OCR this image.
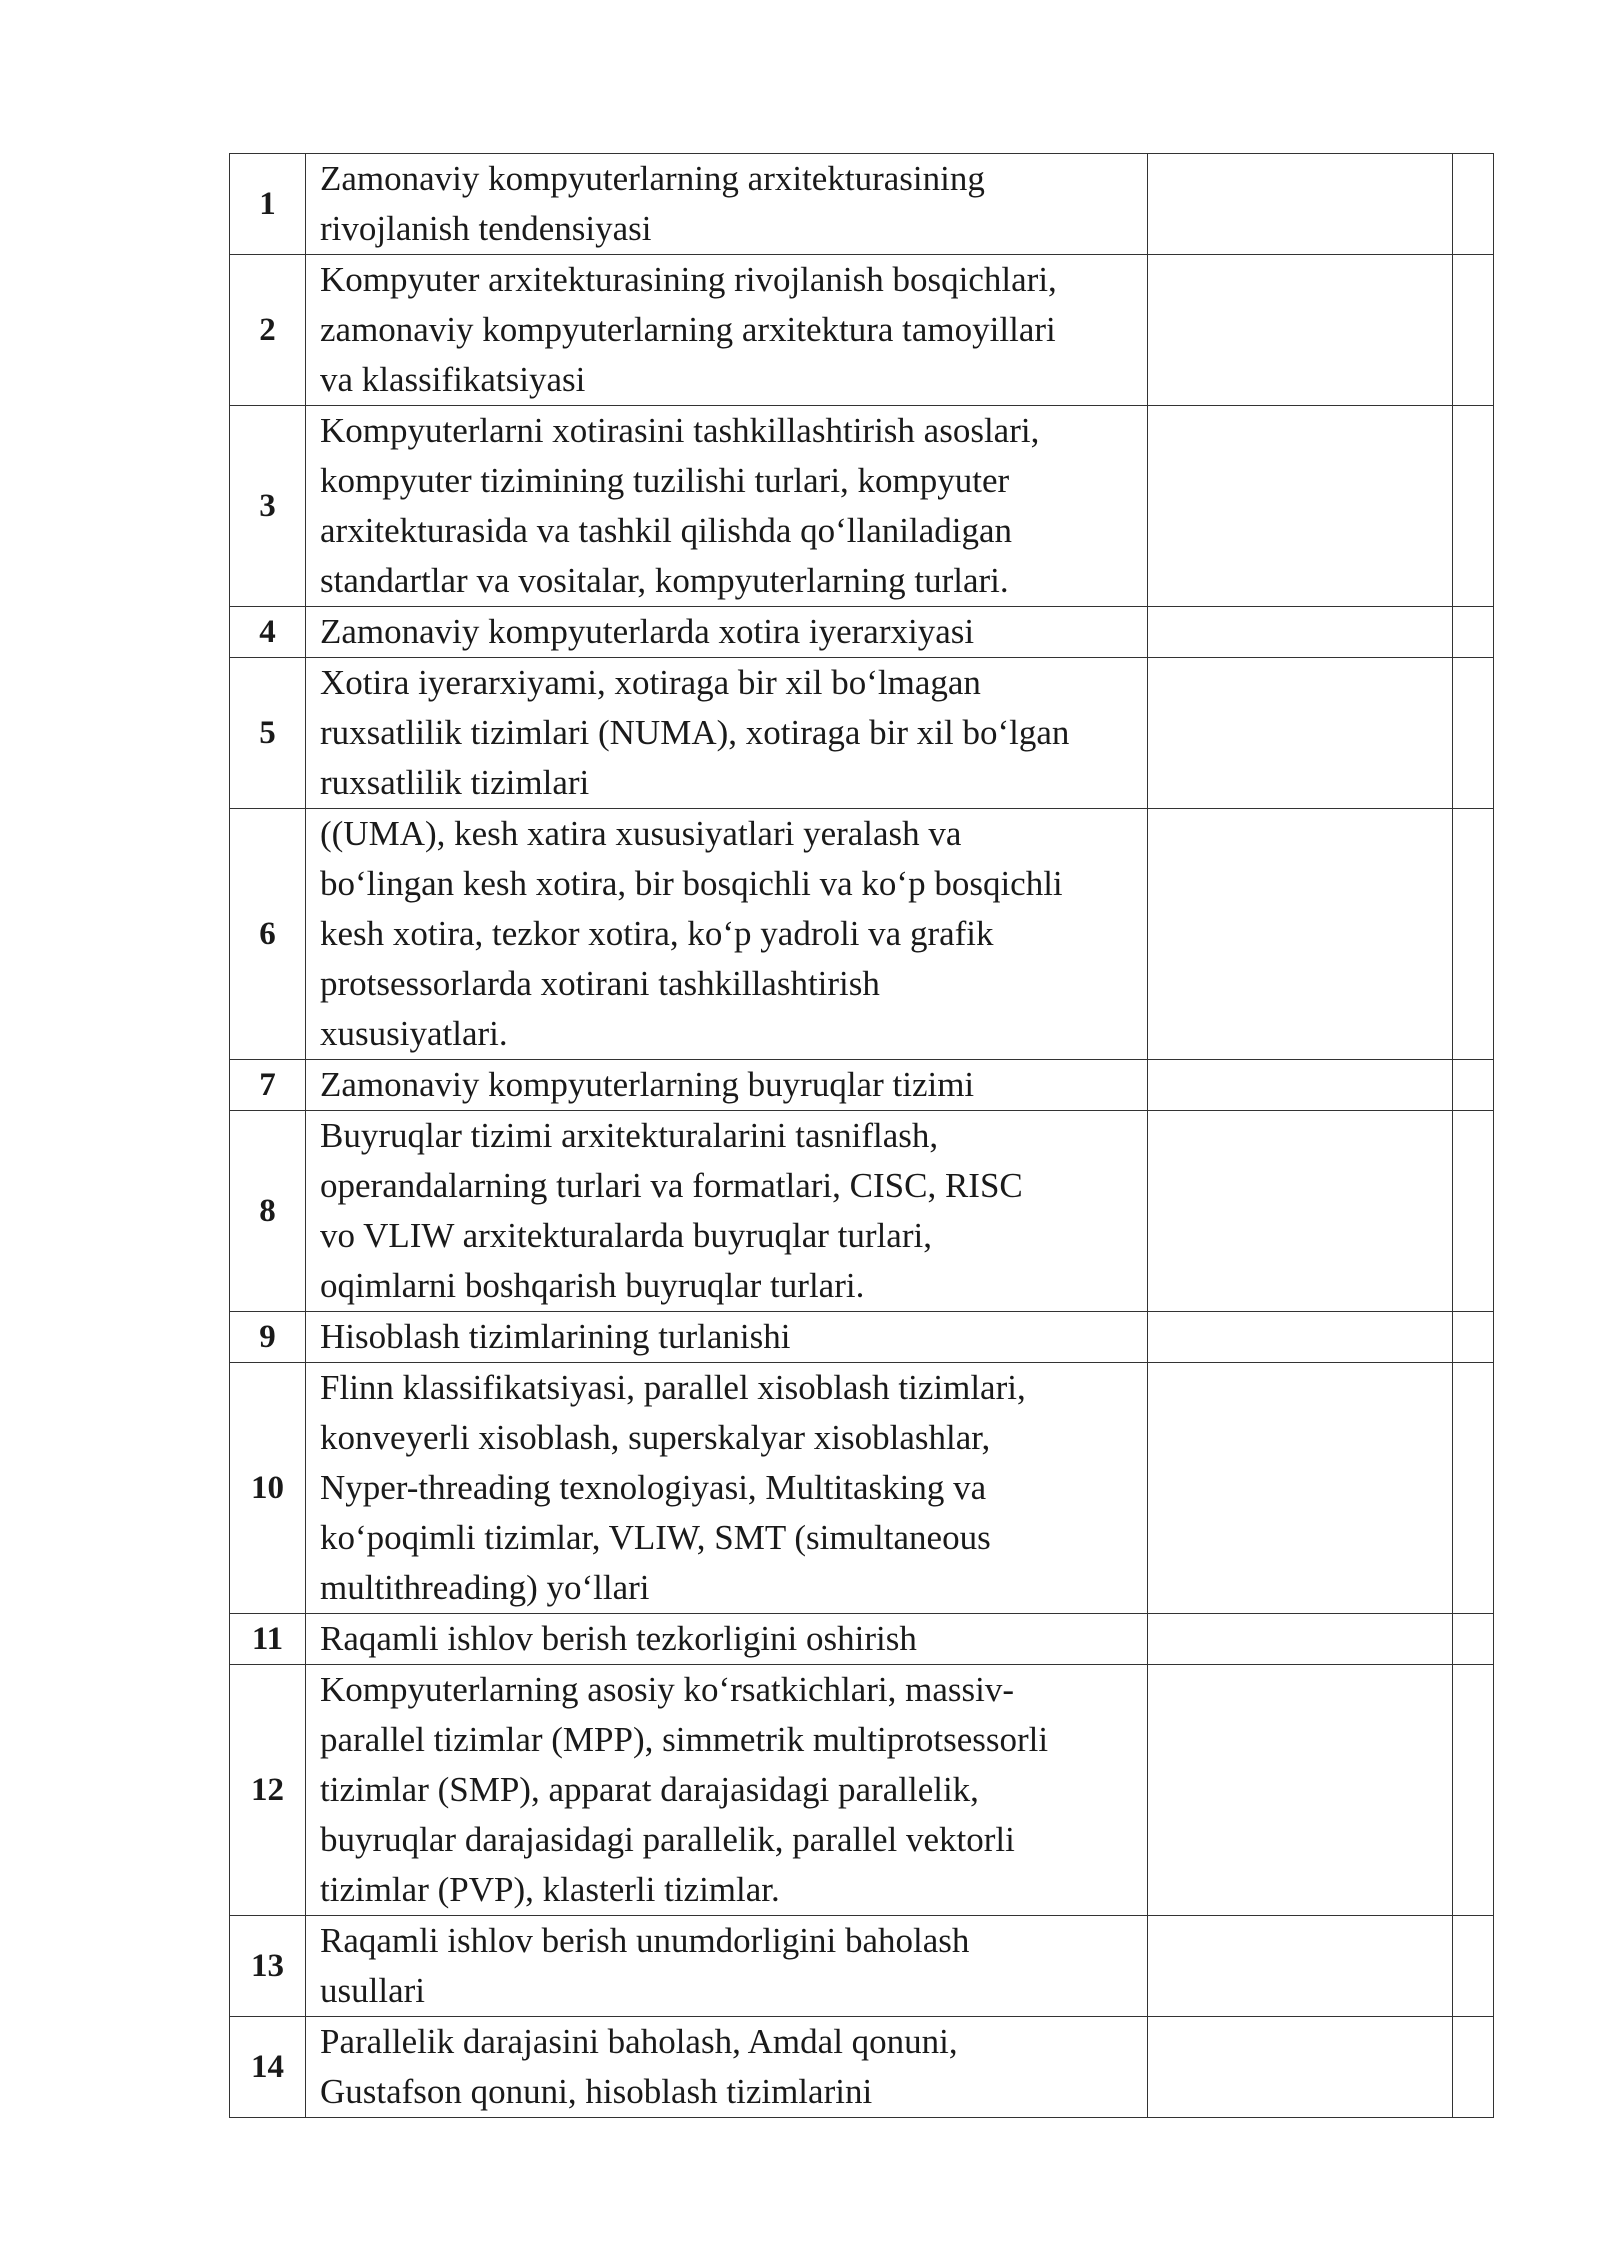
1	Zamonaviy kompyuterlarning arxitekturasining
rivojlanish tendensiyasi		
2	Kompyuter arxitekturasining rivojlanish bosqichlari,
zamonaviy kompyuterlarning arxitektura tamoyillari
va klassifikatsiyasi		
3	Kompyuterlarni xotirasini tashkillashtirish asoslari,
kompyuter tizimining tuzilishi turlari, kompyuter
arxitekturasida va tashkil qilishda qo‘llaniladigan
standartlar va vositalar, kompyuterlarning turlari.		
4	Zamonaviy kompyuterlarda xotira iyerarxiyasi		
5	Xotira iyerarxiyami, xotiraga bir xil bo‘lmagan
ruxsatlilik tizimlari (NUMA), xotiraga bir xil bo‘lgan
ruxsatlilik tizimlari		
6	((UMA), kesh xatira xususiyatlari yeralash va
bo‘lingan kesh xotira, bir bosqichli va ko‘p bosqichli
kesh xotira, tezkor xotira, ko‘p yadroli va grafik
protsessorlarda xotirani tashkillashtirish
xususiyatlari.		
7	Zamonaviy kompyuterlarning buyruqlar tizimi		
8	Buyruqlar tizimi arxitekturalarini tasniflash,
operandalarning turlari va formatlari, CISC, RISC
vo VLIW arxitekturalarda buyruqlar turlari,
oqimlarni boshqarish buyruqlar turlari.		
9	Hisoblash tizimlarining turlanishi		
10	Flinn klassifikatsiyasi, parallel xisoblash tizimlari,
konveyerli xisoblash, superskalyar xisoblashlar,
Nyper-threading texnologiyasi, Multitasking va
ko‘poqimli tizimlar, VLIW, SMT (simultaneous
multithreading) yo‘llari		
11	Raqamli ishlov berish tezkorligini oshirish		
12	Kompyuterlarning asosiy ko‘rsatkichlari, massiv-
parallel tizimlar (MPP), simmetrik multiprotsessorli
tizimlar (SMP), apparat darajasidagi parallelik,
buyruqlar darajasidagi parallelik, parallel vektorli
tizimlar (PVP), klasterli tizimlar.		
13	Raqamli ishlov berish unumdorligini baholash
usullari		
14	Parallelik darajasini baholash, Amdal qonuni,
Gustafson qonuni, hisoblash tizimlarini		
